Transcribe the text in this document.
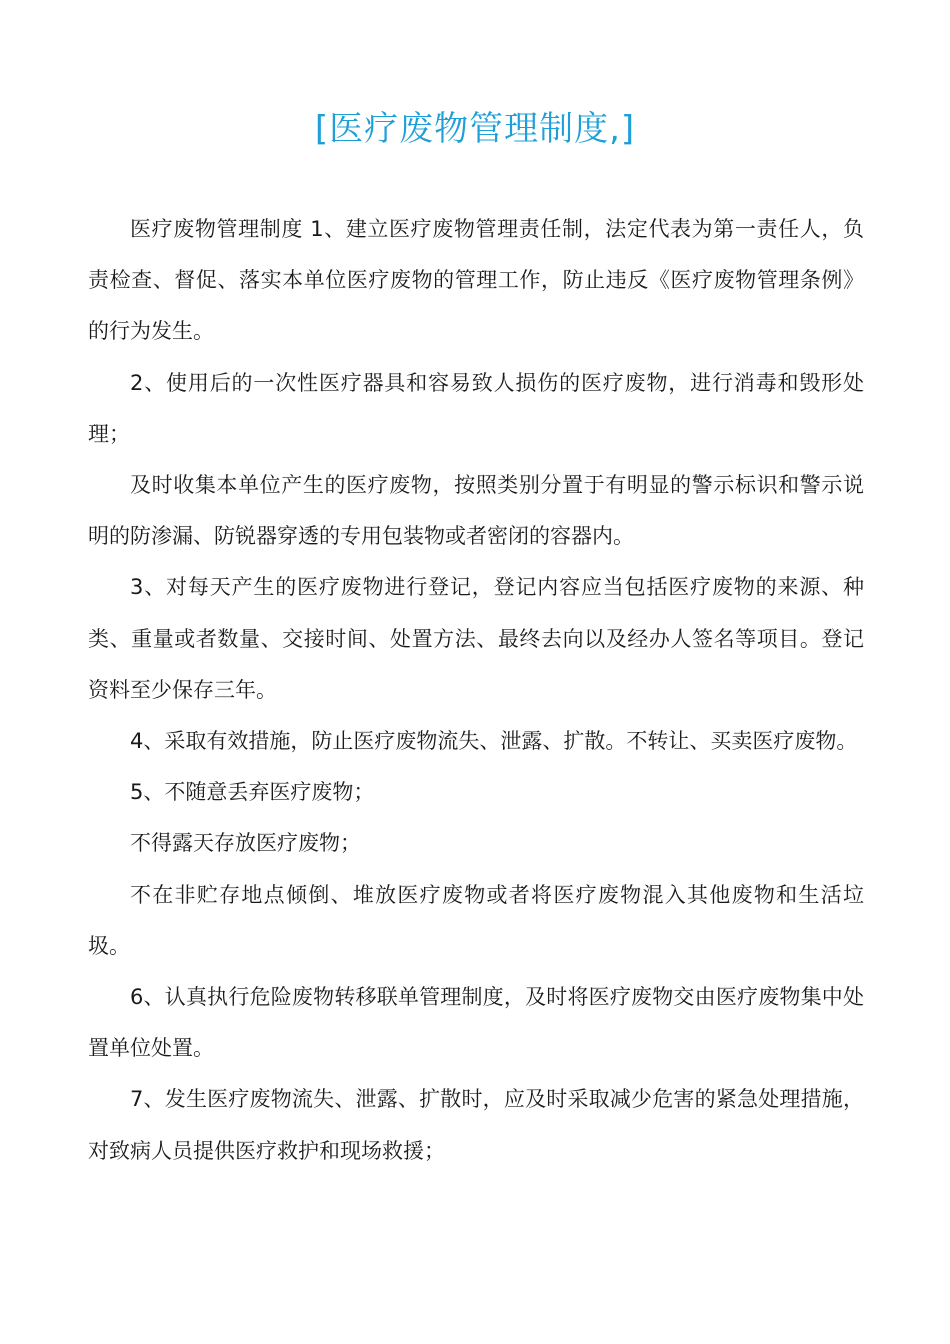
[医疗废物管理制度,]

医疗废物管理制度 1、建立医疗废物管理责任制，法定代表为第一责任人，负责检查、督促、落实本单位医疗废物的管理工作，防止违反《医疗废物管理条例》的行为发生。

2、使用后的一次性医疗器具和容易致人损伤的医疗废物，进行消毒和毁形处理；

及时收集本单位产生的医疗废物，按照类别分置于有明显的警示标识和警示说明的防渗漏、防锐器穿透的专用包装物或者密闭的容器内。

3、对每天产生的医疗废物进行登记，登记内容应当包括医疗废物的来源、种类、重量或者数量、交接时间、处置方法、最终去向以及经办人签名等项目。登记资料至少保存三年。

4、采取有效措施，防止医疗废物流失、泄露、扩散。不转让、买卖医疗废物。

5、不随意丢弃医疗废物；

不得露天存放医疗废物；

不在非贮存地点倾倒、堆放医疗废物或者将医疗废物混入其他废物和生活垃圾。

6、认真执行危险废物转移联单管理制度，及时将医疗废物交由医疗废物集中处置单位处置。

7、发生医疗废物流失、泄露、扩散时，应及时采取减少危害的紧急处理措施，对致病人员提供医疗救护和现场救援；
